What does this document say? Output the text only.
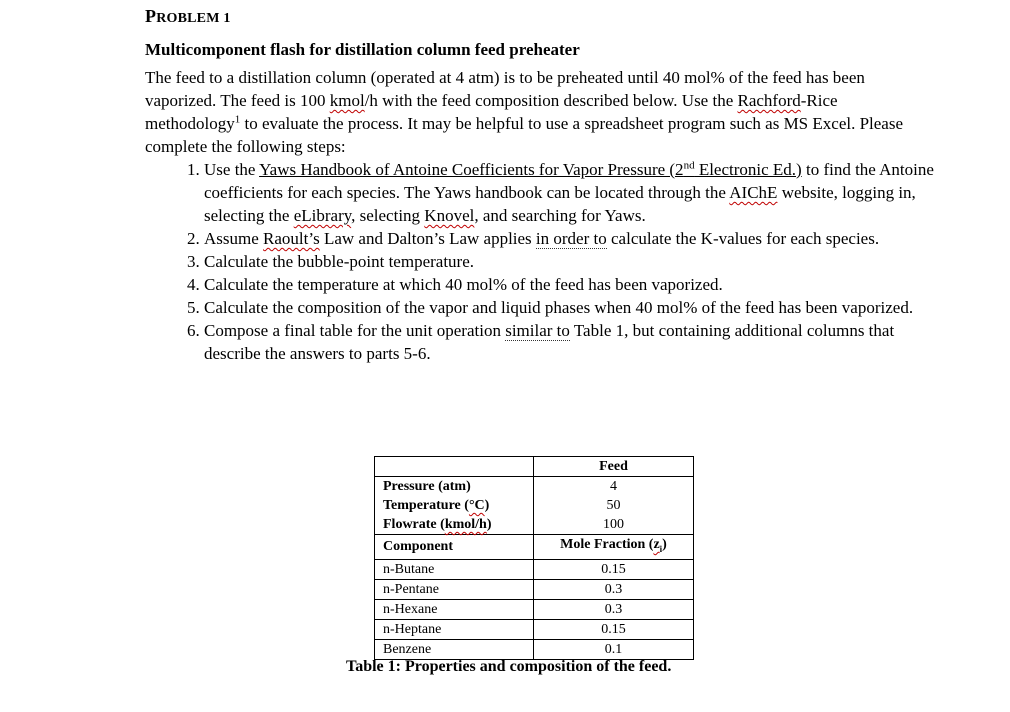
PROBLEM 1
Multicomponent flash for distillation column feed preheater
The feed to a distillation column (operated at 4 atm) is to be preheated until 40 mol% of the feed has been vaporized. The feed is 100 kmol/h with the feed composition described below. Use the Rachford-Rice methodology$^1$ to evaluate the process. It may be helpful to use a spreadsheet program such as MS Excel. Please complete the following steps:
1. Use the Yaws Handbook of Antoine Coefficients for Vapor Pressure (2nd Electronic Ed.) to find the Antoine coefficients for each species. The Yaws handbook can be located through the AIChE website, logging in, selecting the eLibrary, selecting Knovel, and searching for Yaws.
2. Assume Raoult’s Law and Dalton’s Law applies in order to calculate the K-values for each species.
3. Calculate the bubble-point temperature.
4. Calculate the temperature at which 40 mol% of the feed has been vaporized.
5. Calculate the composition of the vapor and liquid phases when 40 mol% of the feed has been vaporized.
6. Compose a final table for the unit operation similar to Table 1, but containing additional columns that describe the answers to parts 5-6.
	Feed
Pressure (atm)	4
Temperature (°C)	50
Flowrate (kmol/h)	100
Component	Mole Fraction $(z_i)$
n-Butane	0.15
n-Pentane	0.3
n-Hexane	0.3
n-Heptane	0.15
Benzene	0.1
Table 1: Properties and composition of the feed.
